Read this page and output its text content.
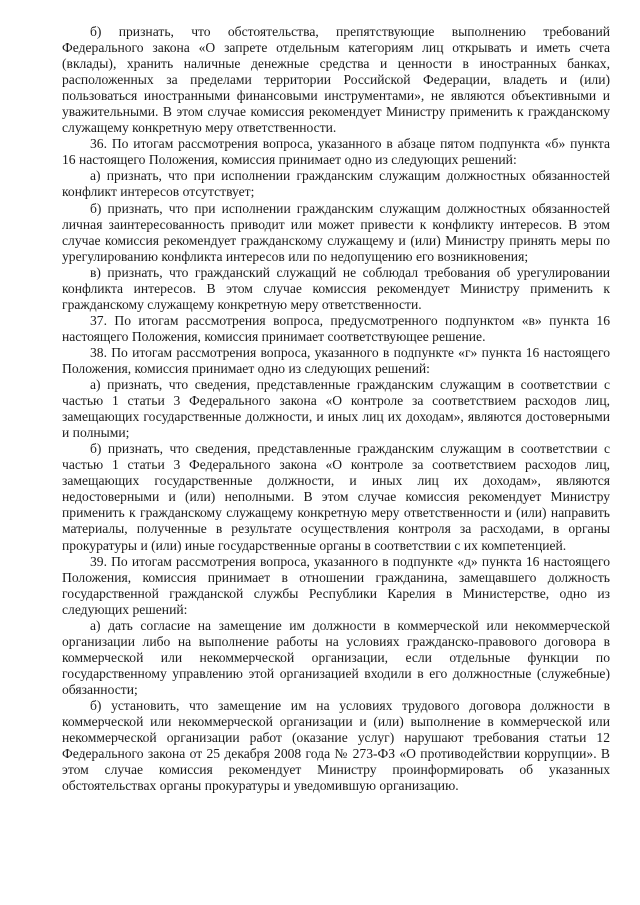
б) признать, что обстоятельства, препятствующие выполнению требований Федерального закона «О запрете отдельным категориям лиц открывать и иметь счета (вклады), хранить наличные денежные средства и ценности в иностранных банках, расположенных за пределами территории Российской Федерации, владеть и (или) пользоваться иностранными финансовыми инструментами», не являются объективными и уважительными. В этом случае комиссия рекомендует Министру применить к гражданскому служащему конкретную меру ответственности.

36. По итогам рассмотрения вопроса, указанного в абзаце пятом подпункта «б» пункта 16 настоящего Положения, комиссия принимает одно из следующих решений:

а) признать, что при исполнении гражданским служащим должностных обязанностей конфликт интересов отсутствует;

б) признать, что при исполнении гражданским служащим должностных обязанностей личная заинтересованность приводит или может привести к конфликту интересов. В этом случае комиссия рекомендует гражданскому служащему и (или) Министру принять меры по урегулированию конфликта интересов или по недопущению его возникновения;

в) признать, что гражданский служащий не соблюдал требования об урегулировании конфликта интересов. В этом случае комиссия рекомендует Министру применить к гражданскому служащему конкретную меру ответственности.

37. По итогам рассмотрения вопроса, предусмотренного подпунктом «в» пункта 16 настоящего Положения, комиссия принимает соответствующее решение.

38. По итогам рассмотрения вопроса, указанного в подпункте «г» пункта 16 настоящего Положения, комиссия принимает одно из следующих решений:

а) признать, что сведения, представленные гражданским служащим в соответствии с частью 1 статьи 3 Федерального закона «О контроле за соответствием расходов лиц, замещающих государственные должности, и иных лиц их доходам», являются достоверными и полными;

б) признать, что сведения, представленные гражданским служащим в соответствии с частью 1 статьи 3 Федерального закона «О контроле за соответствием расходов лиц, замещающих государственные должности, и иных лиц их доходам», являются недостоверными и (или) неполными. В этом случае комиссия рекомендует Министру применить к гражданскому служащему конкретную меру ответственности и (или) направить материалы, полученные в результате осуществления контроля за расходами, в органы прокуратуры и (или) иные государственные органы в соответствии с их компетенцией.

39. По итогам рассмотрения вопроса, указанного в подпункте «д» пункта 16 настоящего Положения, комиссия принимает в отношении гражданина, замещавшего должность государственной гражданской службы Республики Карелия в Министерстве, одно из следующих решений:

а) дать согласие на замещение им должности в коммерческой или некоммерческой организации либо на выполнение работы на условиях гражданско-правового договора в коммерческой или некоммерческой организации, если отдельные функции по государственному управлению этой организацией входили в его должностные (служебные) обязанности;

б) установить, что замещение им на условиях трудового договора должности в коммерческой или некоммерческой организации и (или) выполнение в коммерческой или некоммерческой организации работ (оказание услуг) нарушают требования статьи 12 Федерального закона от 25 декабря 2008 года № 273-ФЗ «О противодействии коррупции». В этом случае комиссия рекомендует Министру проинформировать об указанных обстоятельствах органы прокуратуры и уведомившую организацию.
